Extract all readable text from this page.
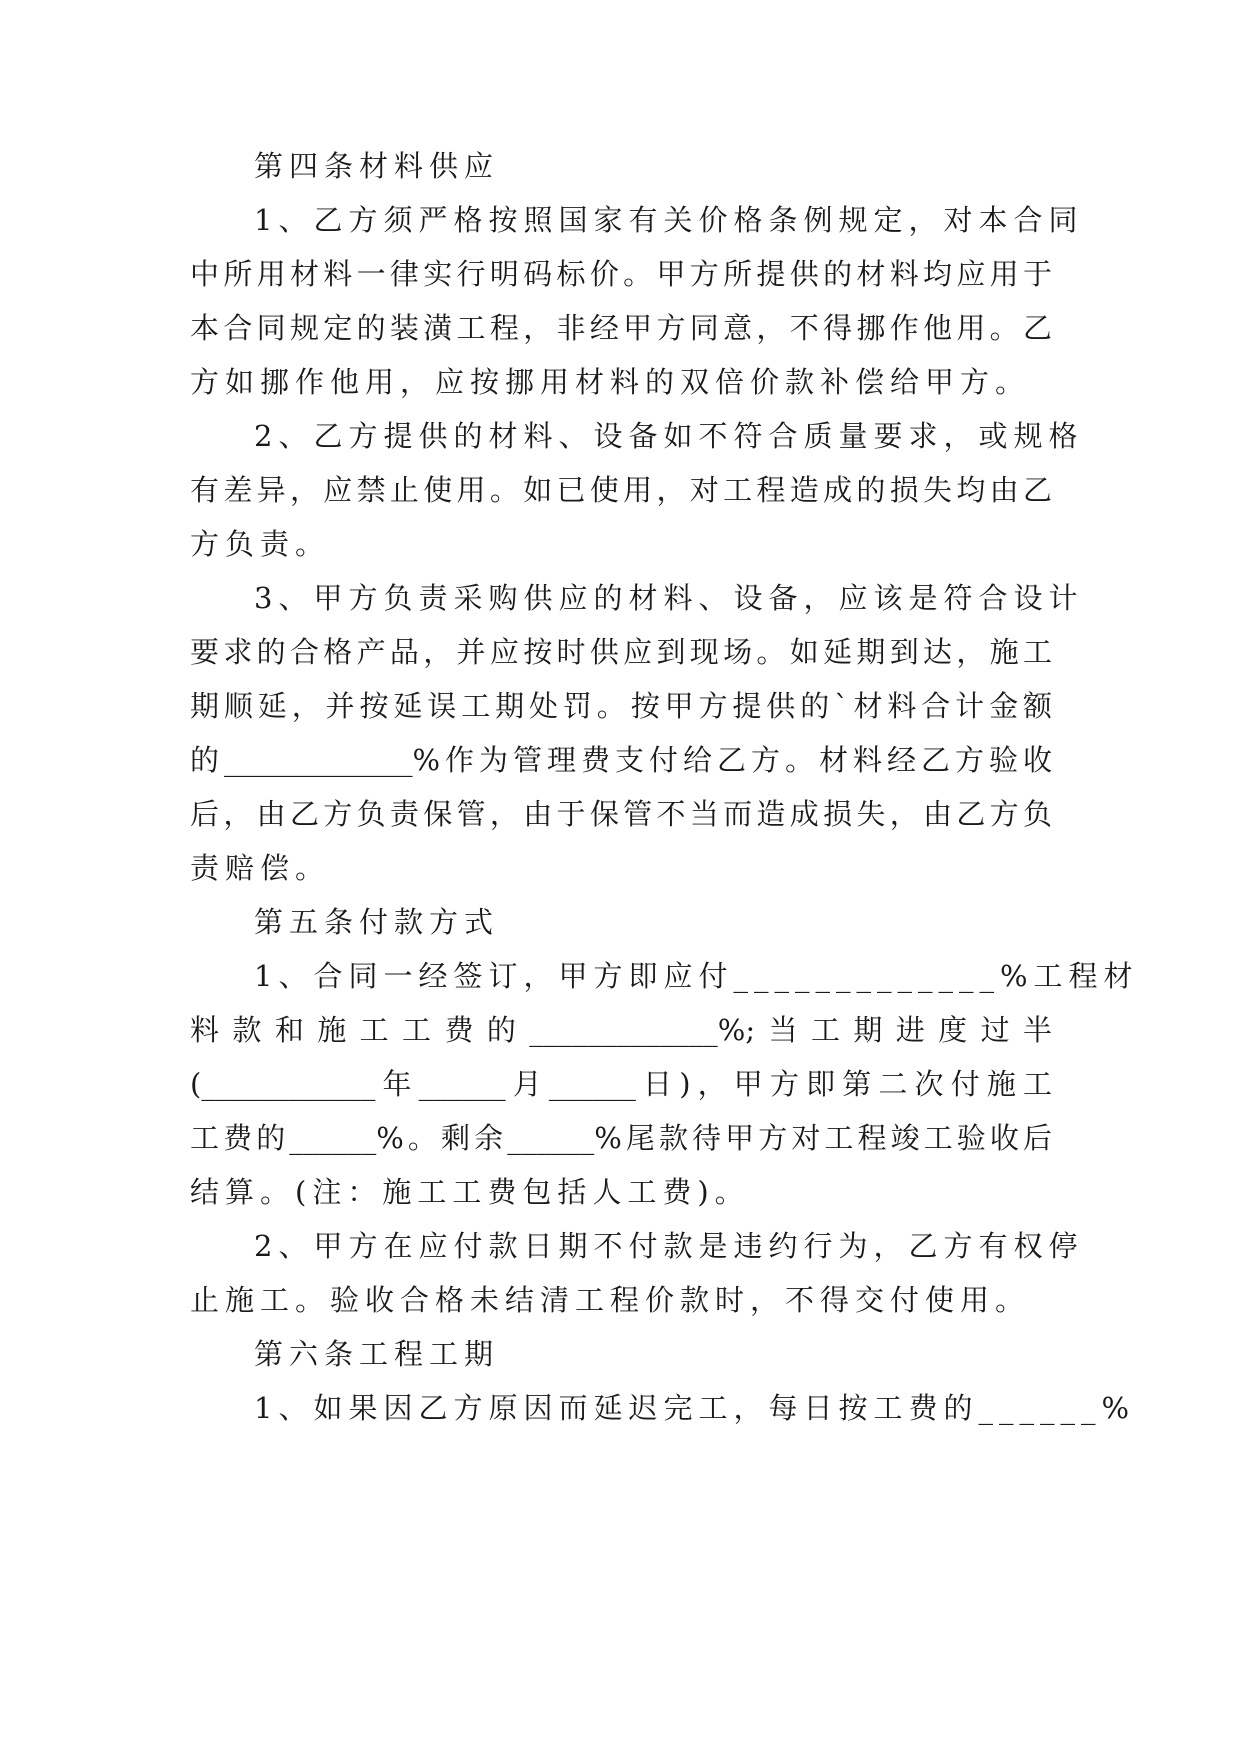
第四条材料供应
1、乙方须严格按照国家有关价格条例规定，对本合同
中所用材料一律实行明码标价。甲方所提供的材料均应用于
本合同规定的装潢工程，非经甲方同意，不得挪作他用。乙
方如挪作他用，应按挪用材料的双倍价款补偿给甲方。
2、乙方提供的材料、设备如不符合质量要求，或规格
有差异，应禁止使用。如已使用，对工程造成的损失均由乙
方负责。
3、甲方负责采购供应的材料、设备，应该是符合设计
要求的合格产品，并应按时供应到现场。如延期到达，施工
期顺延，并按延误工期处罚。按甲方提供的`材料合计金额
的_____________%作为管理费支付给乙方。材料经乙方验收
后，由乙方负责保管，由于保管不当而造成损失，由乙方负
责赔偿。
第五条付款方式
1、合同一经签订，甲方即应付_____________%工程材
料款和施工工费的_____________%;当工期进度过半
(____________年______月______日)，甲方即第二次付施工
工费的______%。剩余______%尾款待甲方对工程竣工验收后
结算。(注：施工工费包括人工费)。
2、甲方在应付款日期不付款是违约行为，乙方有权停
止施工。验收合格未结清工程价款时，不得交付使用。
第六条工程工期
1、如果因乙方原因而延迟完工，每日按工费的______%
